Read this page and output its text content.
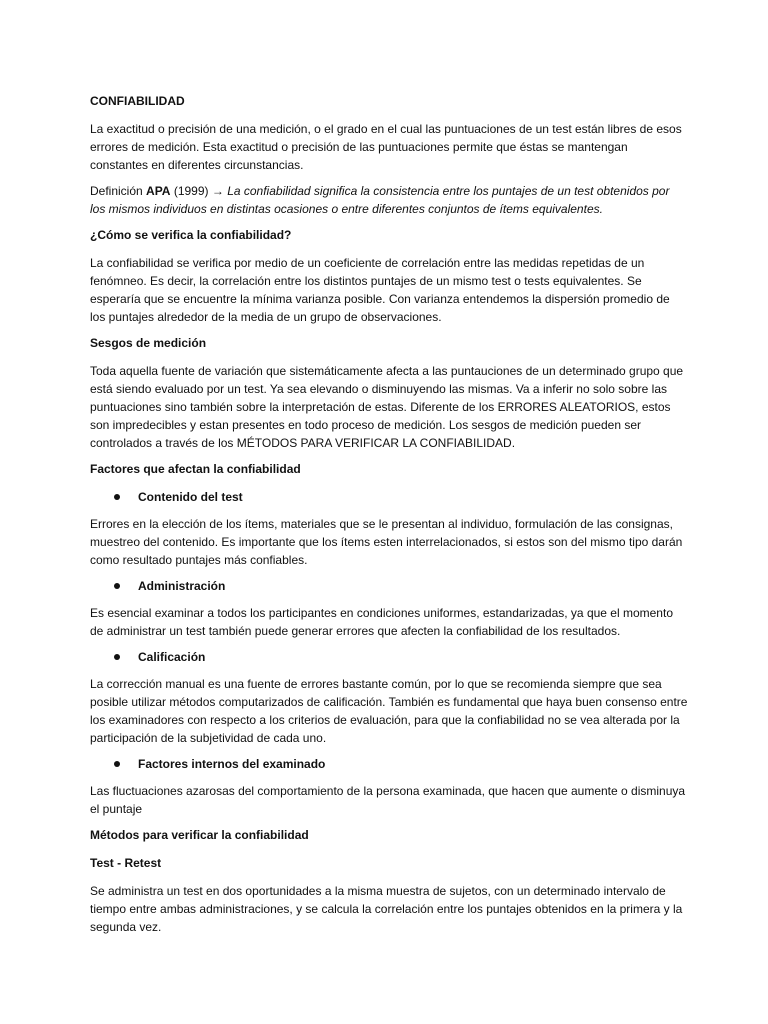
CONFIABILIDAD
La exactitud o precisión de una medición, o el grado en el cual las puntuaciones de un test están libres de esos errores de medición. Esta exactitud o precisión de las puntuaciones permite que éstas se mantengan constantes en diferentes circunstancias.
Definición APA (1999) → La confiabilidad significa la consistencia entre los puntajes de un test obtenidos por los mismos individuos en distintas ocasiones o entre diferentes conjuntos de ítems equivalentes.
¿Cómo se verifica la confiabilidad?
La confiabilidad se verifica por medio de un coeficiente de correlación entre las medidas repetidas de un fenómneo. Es decir, la correlación entre los distintos puntajes de un mismo test o tests equivalentes. Se esperaría que se encuentre la mínima varianza posible. Con varianza entendemos la dispersión promedio de los puntajes alrededor de la media de un grupo de observaciones.
Sesgos de medición
Toda aquella fuente de variación que sistemáticamente afecta a las puntauciones de un determinado grupo que está siendo evaluado por un test. Ya sea elevando o disminuyendo las mismas. Va a inferir no solo sobre las puntuaciones sino también sobre la interpretación de estas. Diferente de los ERRORES ALEATORIOS, estos son impredecibles y estan presentes en todo proceso de medición. Los sesgos de medición pueden ser controlados a través de los MÉTODOS PARA VERIFICAR LA CONFIABILIDAD.
Factores que afectan la confiabilidad
Contenido del test
Errores en la elección de los ítems, materiales que se le presentan al individuo, formulación de las consignas, muestreo del contenido. Es importante que los ítems esten interrelacionados, si estos son del mismo tipo darán como resultado puntajes más confiables.
Administración
Es esencial examinar a todos los participantes en condiciones uniformes, estandarizadas, ya que el momento de administrar un test también puede generar errores que afecten la confiabilidad de los resultados.
Calificación
La corrección manual es una fuente de errores bastante común, por lo que se recomienda siempre que sea posible utilizar métodos computarizados de calificación. También es fundamental que haya buen consenso entre los examinadores con respecto a los criterios de evaluación, para que la confiabilidad no se vea alterada por la participación de la subjetividad de cada uno.
Factores internos del examinado
Las fluctuaciones azarosas del comportamiento de la persona examinada, que hacen que aumente o disminuya el puntaje
Métodos para verificar la confiabilidad
Test - Retest
Se administra un test en dos oportunidades a la misma muestra de sujetos, con un determinado intervalo de tiempo entre ambas administraciones, y se calcula la correlación entre los puntajes obtenidos en la primera y la segunda vez.
